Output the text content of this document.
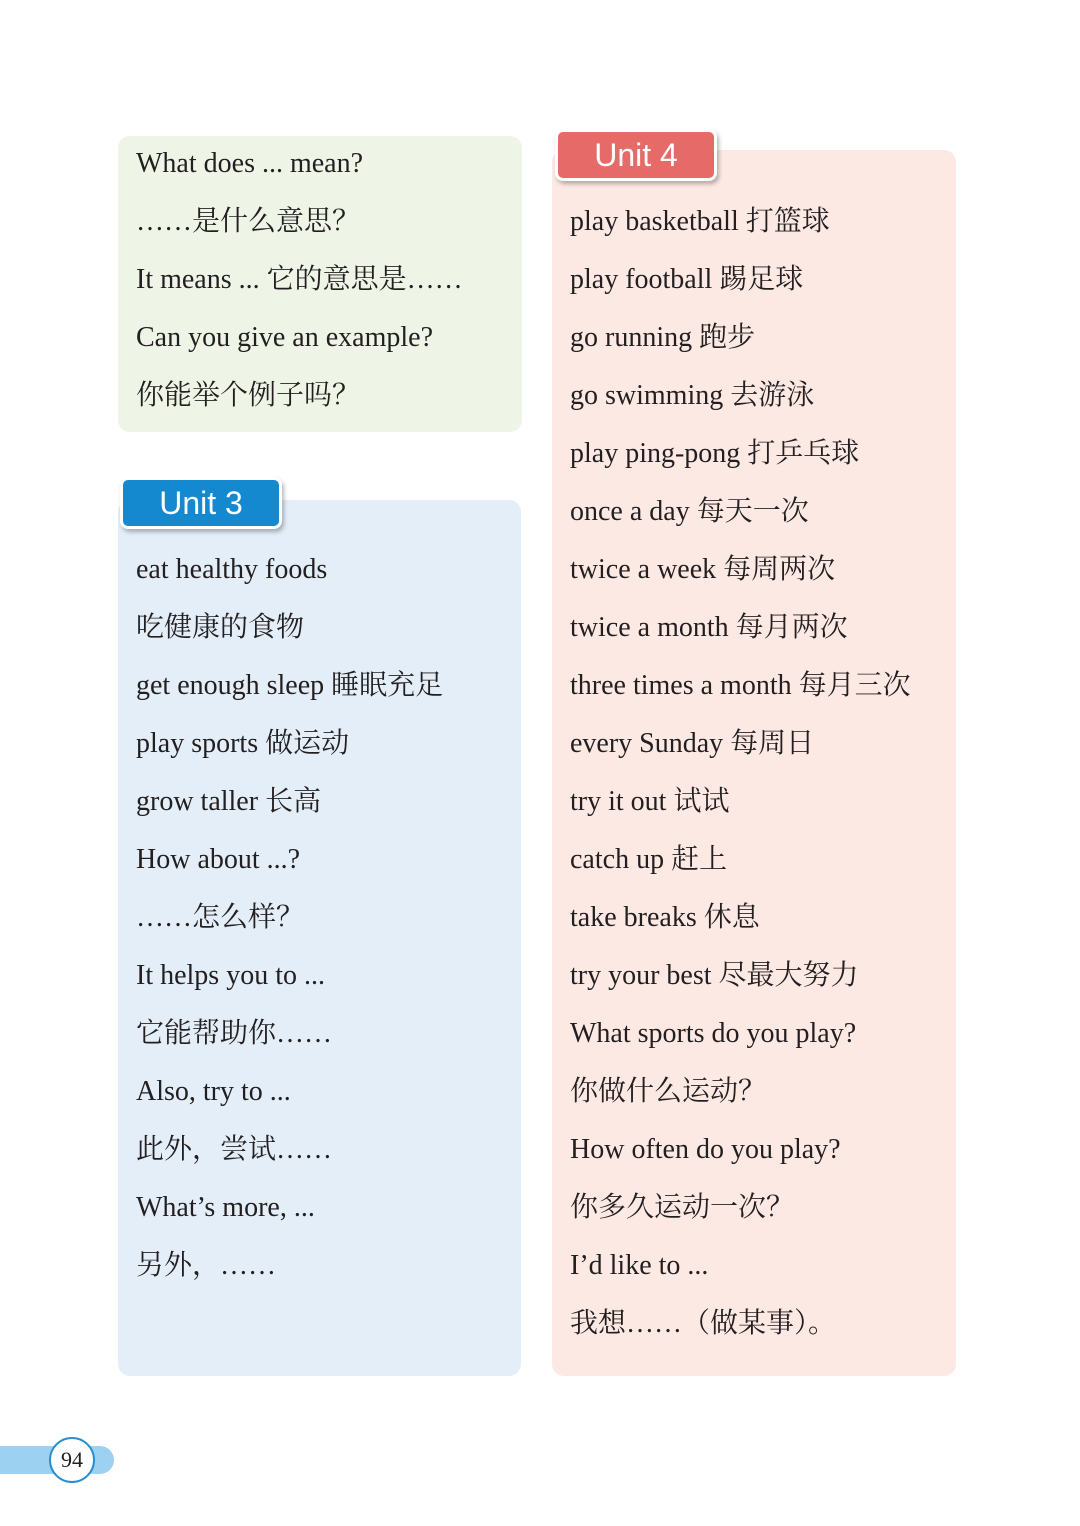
What does ... mean?
……是什么意思？
It means ... 它的意思是……
Can you give an example?
你能举个例子吗？
Unit 3
eat healthy foods
吃健康的食物
get enough sleep 睡眠充足
play sports 做运动
grow taller 长高
How about ...?
……怎么样？
It helps you to ...
它能帮助你……
Also, try to ...
此外，尝试……
What’s more, ...
另外，……
Unit 4
play basketball 打篮球
play football 踢足球
go running 跑步
go swimming 去游泳
play ping-pong 打乒乓球
once a day 每天一次
twice a week 每周两次
twice a month 每月两次
three times a month 每月三次
every Sunday 每周日
try it out 试试
catch up 赶上
take breaks 休息
try your best 尽最大努力
What sports do you play?
你做什么运动？
How often do you play?
你多久运动一次？
I’d like to ...
我想……（做某事）。
94
